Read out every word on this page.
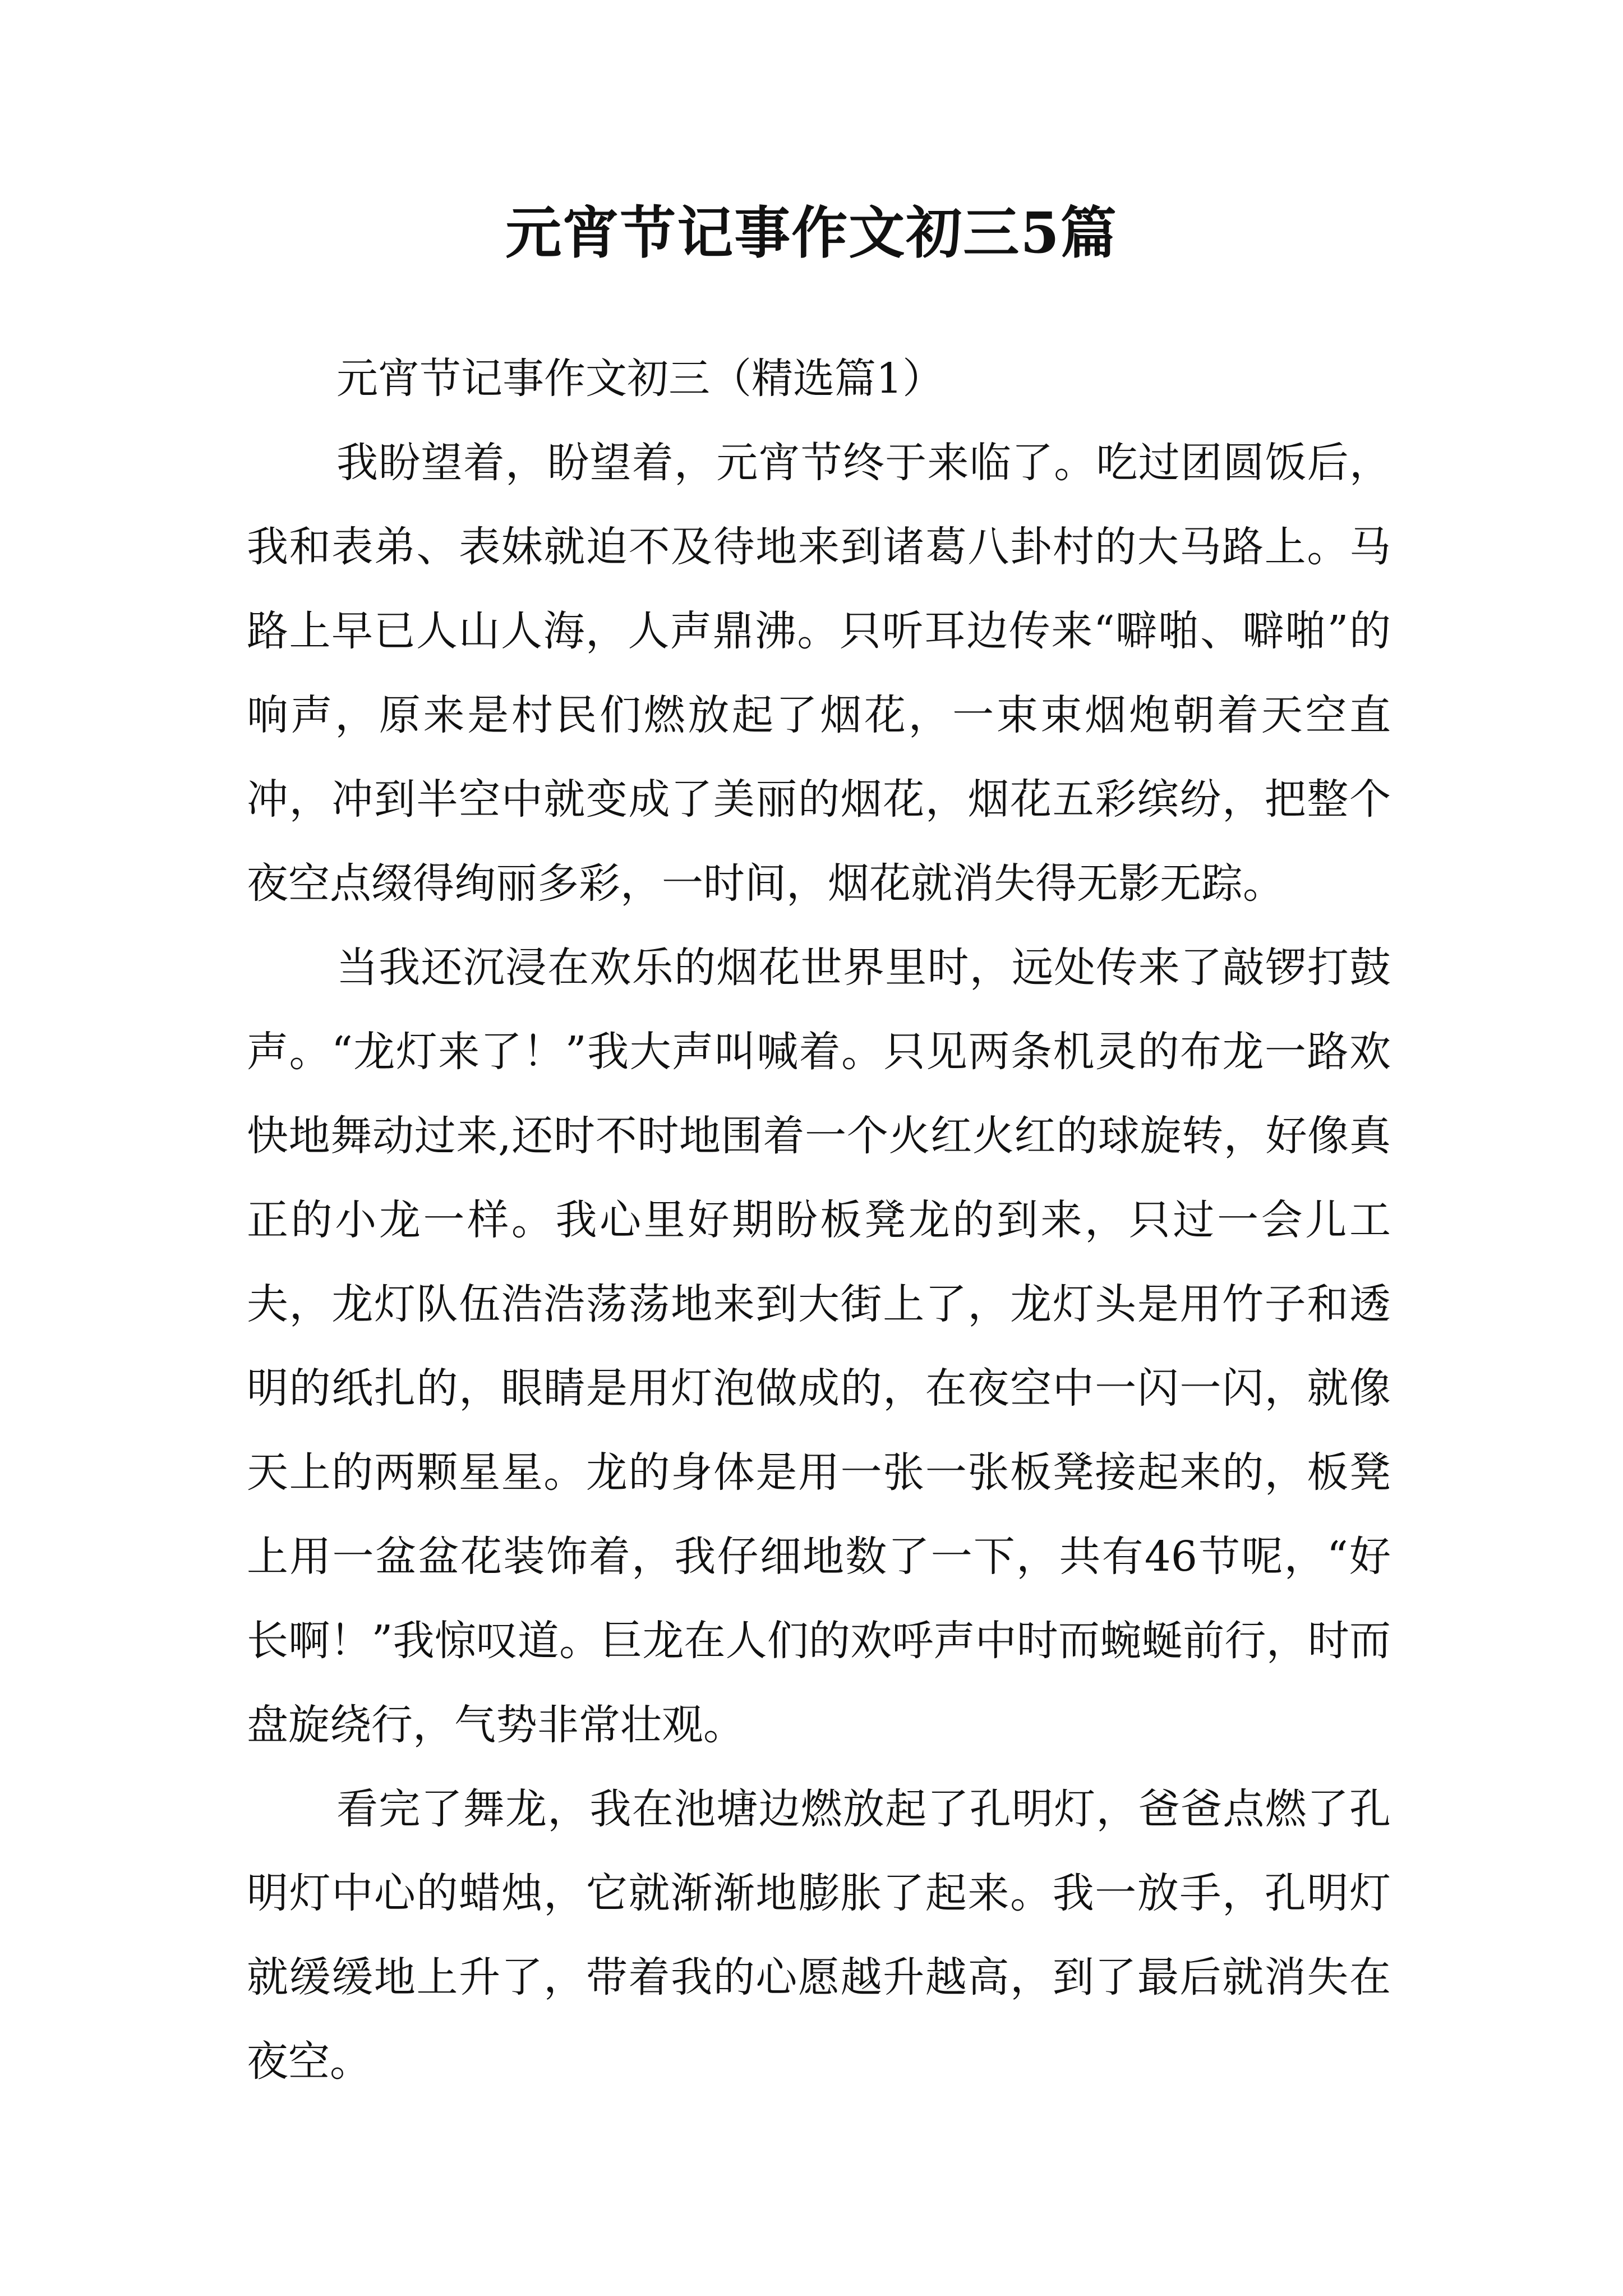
元宵节记事作文初三5篇

元宵节记事作文初三（精选篇1）

我盼望着，盼望着，元宵节终于来临了。吃过团圆饭后，我和表弟、表妹就迫不及待地来到诸葛八卦村的大马路上。马路上早已人山人海，人声鼎沸。只听耳边传来“噼啪、噼啪”的响声，原来是村民们燃放起了烟花，一束束烟炮朝着天空直冲，冲到半空中就变成了美丽的烟花，烟花五彩缤纷，把整个夜空点缀得绚丽多彩，一时间，烟花就消失得无影无踪。

当我还沉浸在欢乐的烟花世界里时，远处传来了敲锣打鼓声。“龙灯来了！”我大声叫喊着。只见两条机灵的布龙一路欢快地舞动过来,还时不时地围着一个火红火红的球旋转，好像真正的小龙一样。我心里好期盼板凳龙的到来，只过一会儿工夫，龙灯队伍浩浩荡荡地来到大街上了，龙灯头是用竹子和透明的纸扎的，眼睛是用灯泡做成的，在夜空中一闪一闪，就像天上的两颗星星。龙的身体是用一张一张板凳接起来的，板凳上用一盆盆花装饰着，我仔细地数了一下，共有46节呢，“好长啊！”我惊叹道。巨龙在人们的欢呼声中时而蜿蜒前行，时而盘旋绕行，气势非常壮观。

看完了舞龙，我在池塘边燃放起了孔明灯，爸爸点燃了孔明灯中心的蜡烛，它就渐渐地膨胀了起来。我一放手，孔明灯就缓缓地上升了，带着我的心愿越升越高，到了最后就消失在夜空。
